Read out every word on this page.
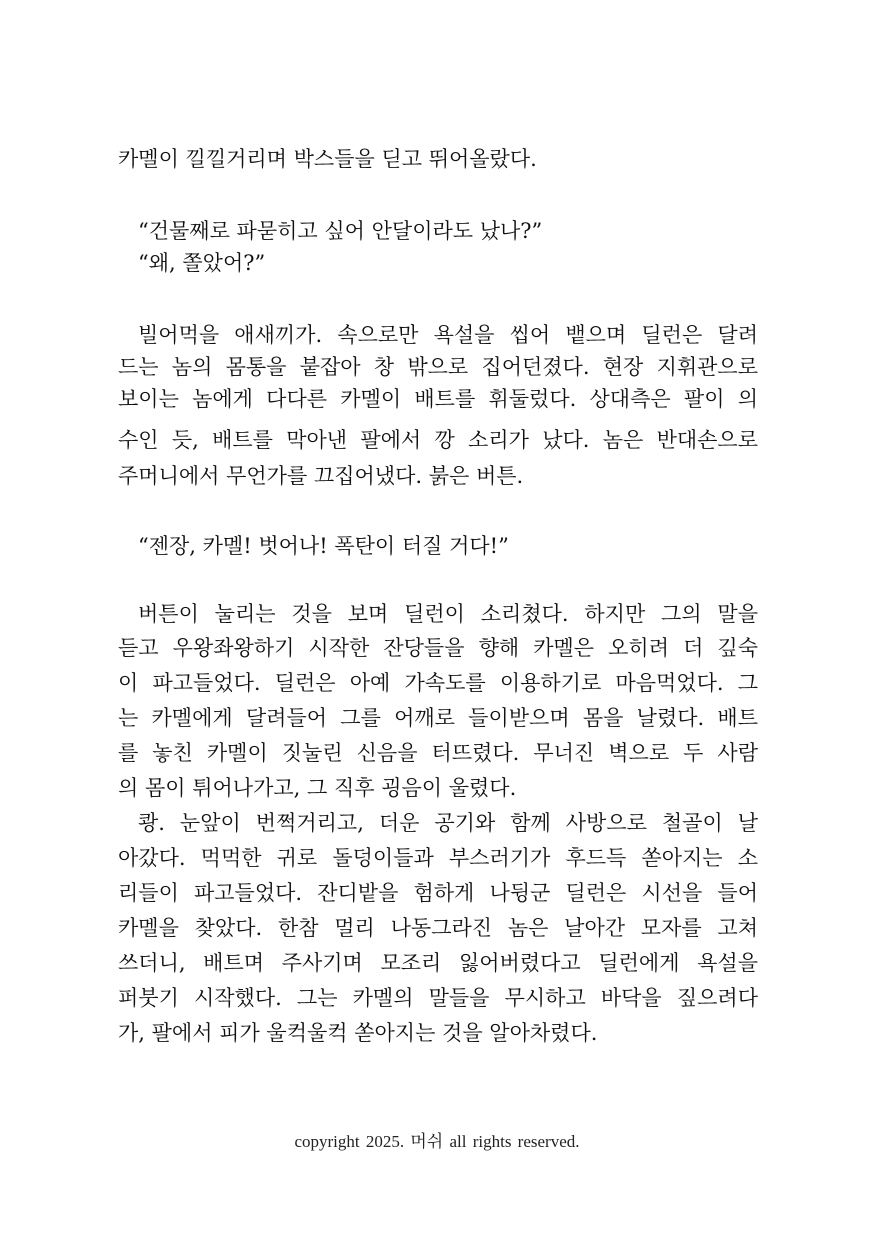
카멜이 낄낄거리며 박스들을 딛고 뛰어올랐다.
“건물째로 파묻히고 싶어 안달이라도 났나?”
“왜, 쫄았어?”
빌어먹을 애새끼가. 속으로만 욕설을 씹어 뱉으며 딜런은 달려
드는 놈의 몸통을 붙잡아 창 밖으로 집어던졌다. 현장 지휘관으로
보이는 놈에게 다다른 카멜이 배트를 휘둘렀다. 상대측은 팔이 의
수인 듯, 배트를 막아낸 팔에서 깡 소리가 났다. 놈은 반대손으로
주머니에서 무언가를 끄집어냈다. 붉은 버튼.
“젠장, 카멜! 벗어나! 폭탄이 터질 거다!”
버튼이 눌리는 것을 보며 딜런이 소리쳤다. 하지만 그의 말을
듣고 우왕좌왕하기 시작한 잔당들을 향해 카멜은 오히려 더 깊숙
이 파고들었다. 딜런은 아예 가속도를 이용하기로 마음먹었다. 그
는 카멜에게 달려들어 그를 어깨로 들이받으며 몸을 날렸다. 배트
를 놓친 카멜이 짓눌린 신음을 터뜨렸다. 무너진 벽으로 두 사람
의 몸이 튀어나가고, 그 직후 굉음이 울렸다.
쾅. 눈앞이 번쩍거리고, 더운 공기와 함께 사방으로 철골이 날
아갔다. 먹먹한 귀로 돌덩이들과 부스러기가 후드득 쏟아지는 소
리들이 파고들었다. 잔디밭을 험하게 나뒹군 딜런은 시선을 들어
카멜을 찾았다. 한참 멀리 나동그라진 놈은 날아간 모자를 고쳐
쓰더니, 배트며 주사기며 모조리 잃어버렸다고 딜런에게 욕설을
퍼붓기 시작했다. 그는 카멜의 말들을 무시하고 바닥을 짚으려다
가, 팔에서 피가 울컥울컥 쏟아지는 것을 알아차렸다.
copyright 2025. 머쉬 all rights reserved.
